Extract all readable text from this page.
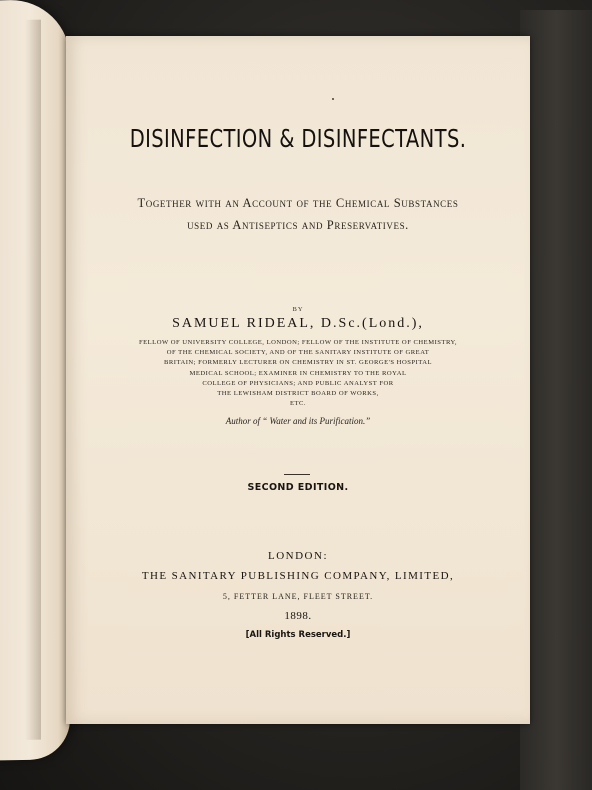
DISINFECTION & DISINFECTANTS.
Together with an Account of the Chemical Substances
used as Antiseptics and Preservatives.
BY
SAMUEL RIDEAL, D.Sc.(Lond.),
FELLOW OF UNIVERSITY COLLEGE, LONDON; FELLOW OF THE INSTITUTE OF CHEMISTRY,
OF THE CHEMICAL SOCIETY, AND OF THE SANITARY INSTITUTE OF GREAT
BRITAIN; FORMERLY LECTURER ON CHEMISTRY IN ST. GEORGE'S HOSPITAL
MEDICAL SCHOOL; EXAMINER IN CHEMISTRY TO THE ROYAL
COLLEGE OF PHYSICIANS; AND PUBLIC ANALYST FOR
THE LEWISHAM DISTRICT BOARD OF WORKS,
ETC.
Author of “ Water and its Purification.”
SECOND EDITION.
LONDON:
THE SANITARY PUBLISHING COMPANY, LIMITED,
5, FETTER LANE, FLEET STREET.
1898.
[All Rights Reserved.]
